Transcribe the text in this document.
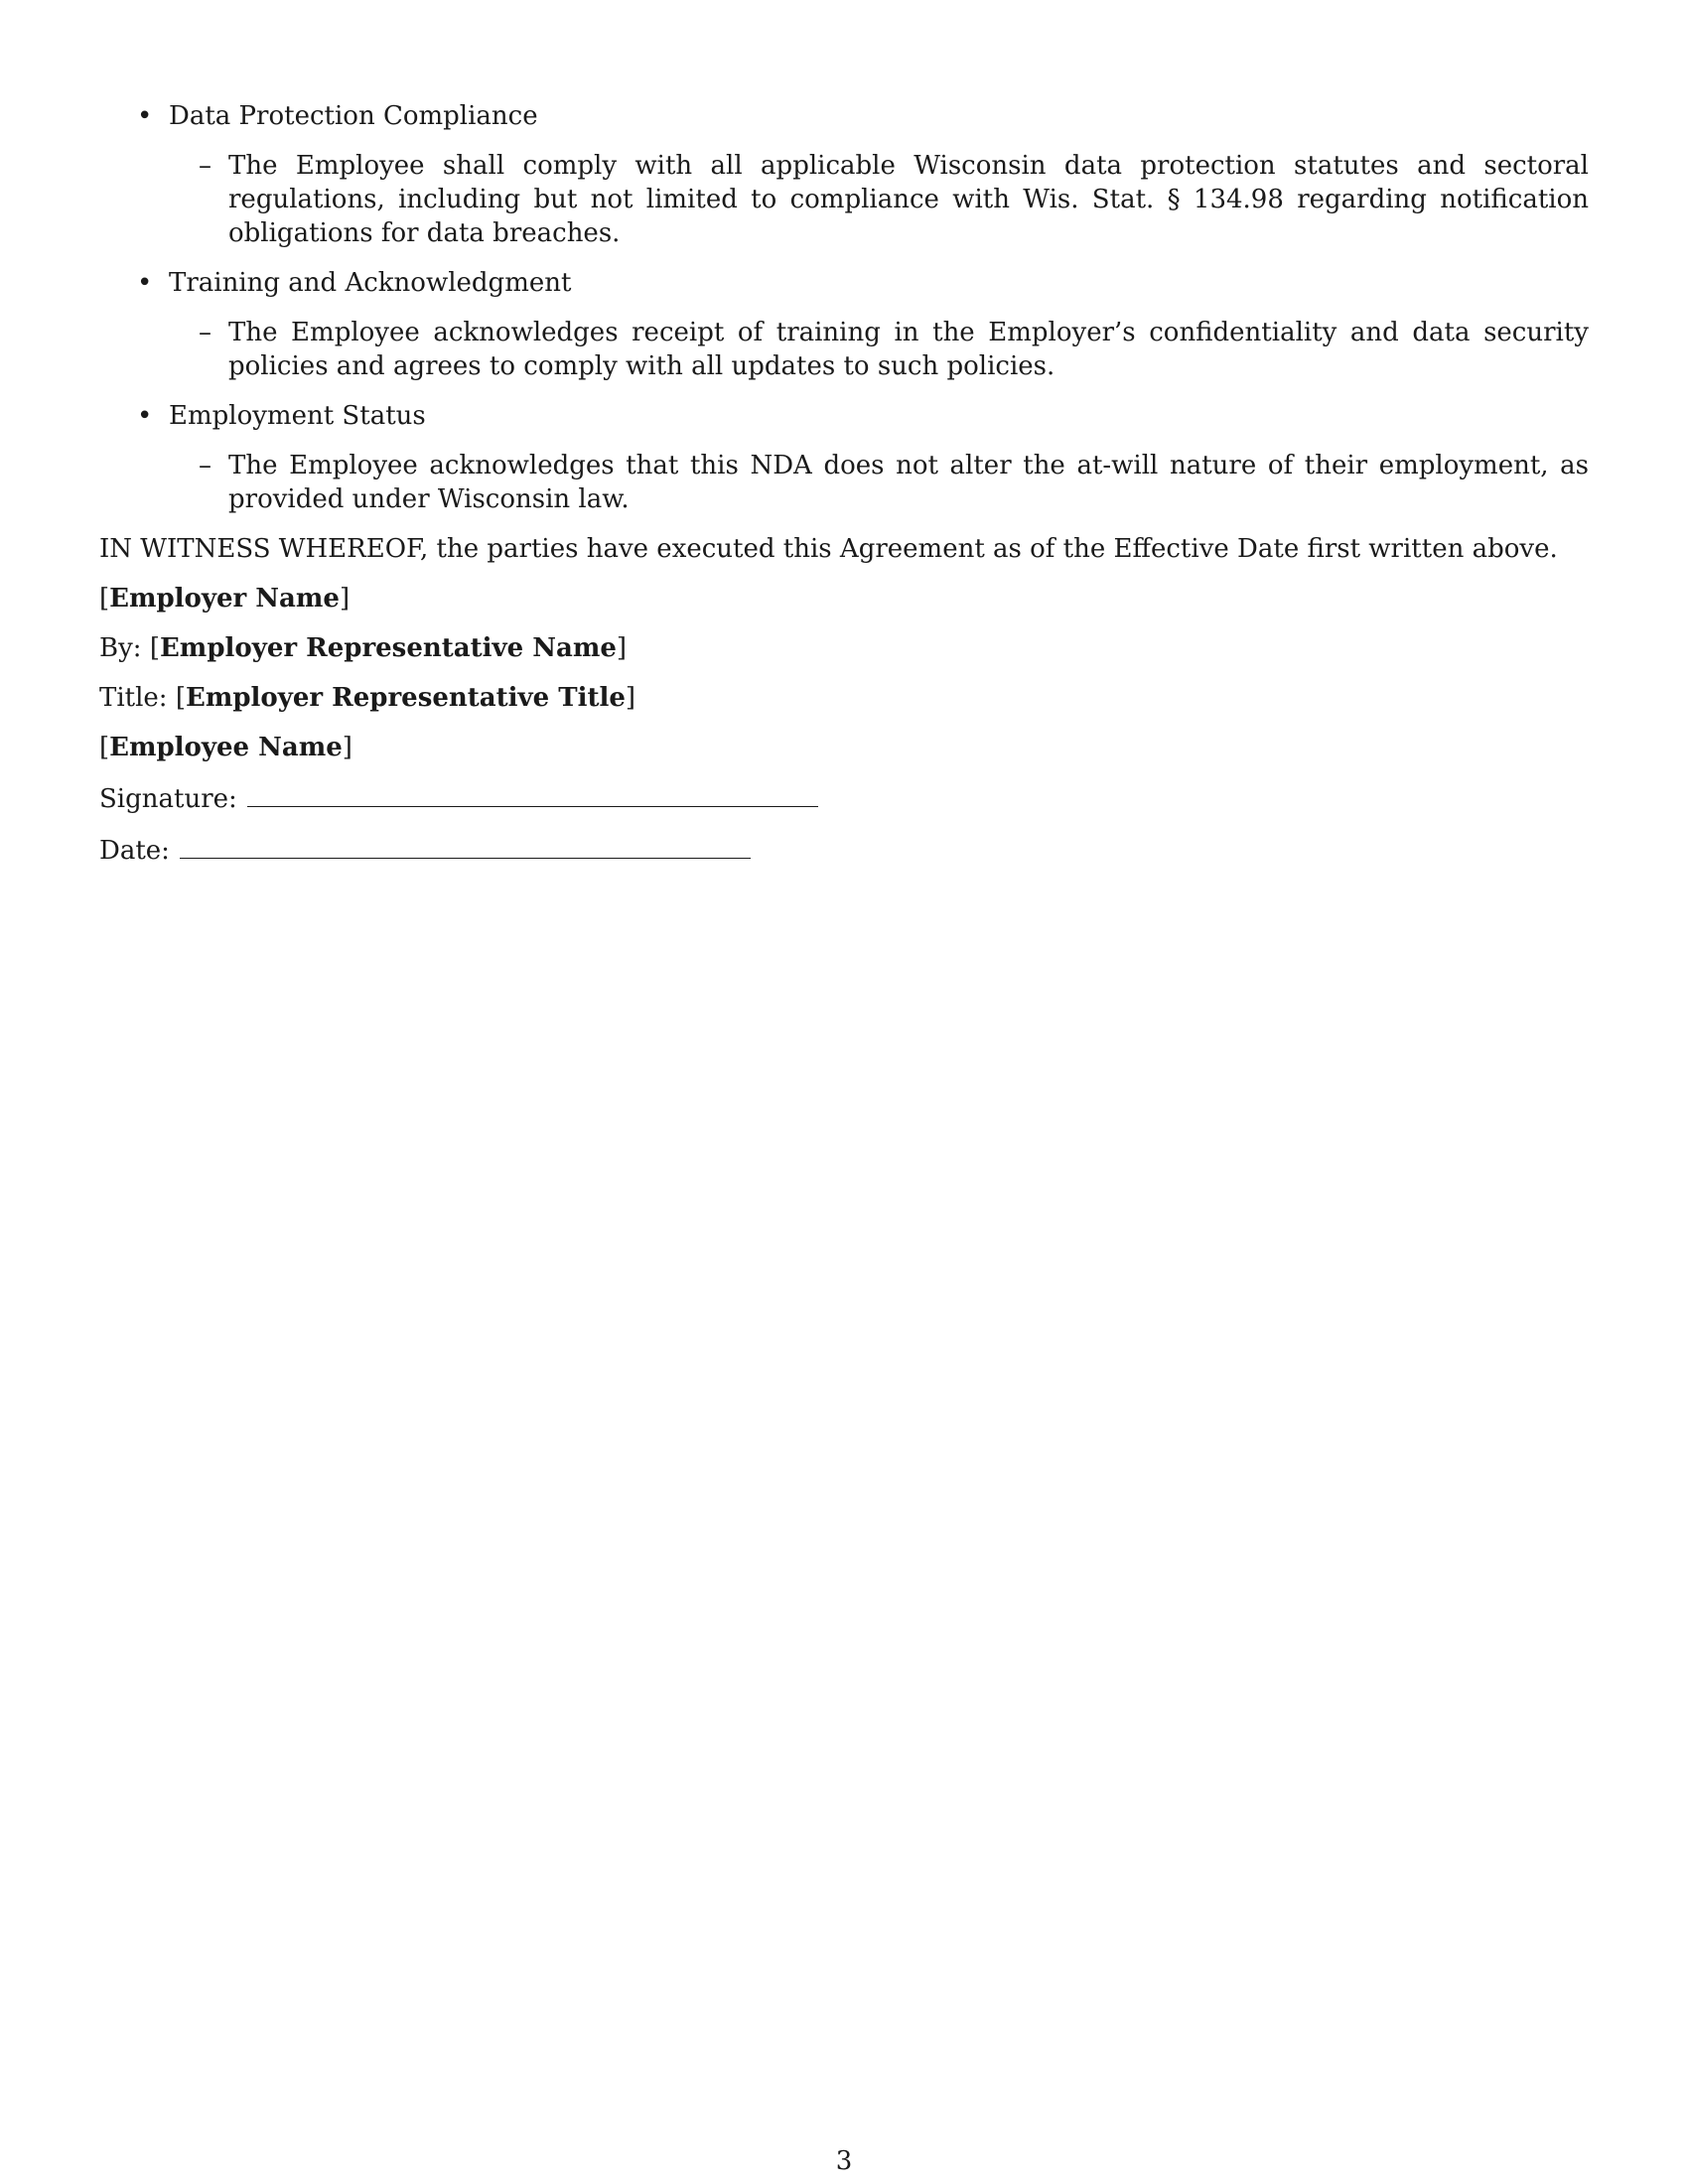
• Data Protection Compliance
– The Employee shall comply with all applicable Wisconsin data protection statutes and sectoral regulations, including but not limited to compliance with Wis. Stat. § 134.98 regarding notification obligations for data breaches.
• Training and Acknowledgment
– The Employee acknowledges receipt of training in the Employer’s confidentiality and data security policies and agrees to comply with all updates to such policies.
• Employment Status
– The Employee acknowledges that this NDA does not alter the at-will nature of their employment, as provided under Wisconsin law.
IN WITNESS WHEREOF, the parties have executed this Agreement as of the Effective Date first written above.
[Employer Name]
By: [Employer Representative Name]
Title: [Employer Representative Title]
[Employee Name]
Signature:
Date:
3
